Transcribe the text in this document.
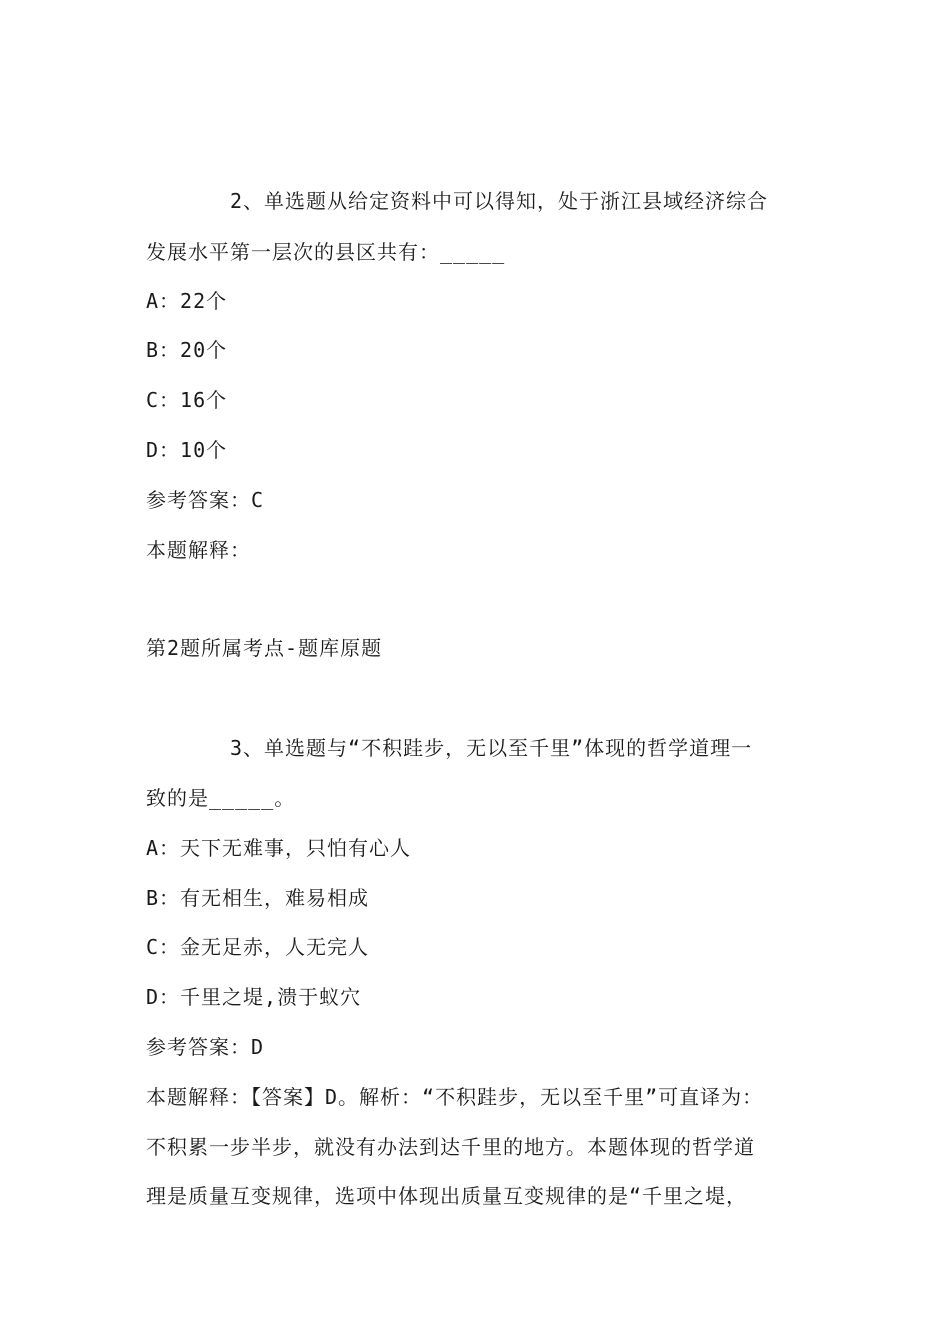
2、单选题从给定资料中可以得知，处于浙江县域经济综合
发展水平第一层次的县区共有：_____
A：22个
B：20个
C：16个
D：10个
参考答案：C
本题解释：
第2题所属考点-题库原题
3、单选题与“不积跬步，无以至千里”体现的哲学道理一
致的是_____。
A：天下无难事，只怕有心人
B：有无相生，难易相成
C：金无足赤，人无完人
D：千里之堤,溃于蚁穴
参考答案：D
本题解释：【答案】D。解析：“不积跬步，无以至千里”可直译为：
不积累一步半步，就没有办法到达千里的地方。本题体现的哲学道
理是质量互变规律，选项中体现出质量互变规律的是“千里之堤，
